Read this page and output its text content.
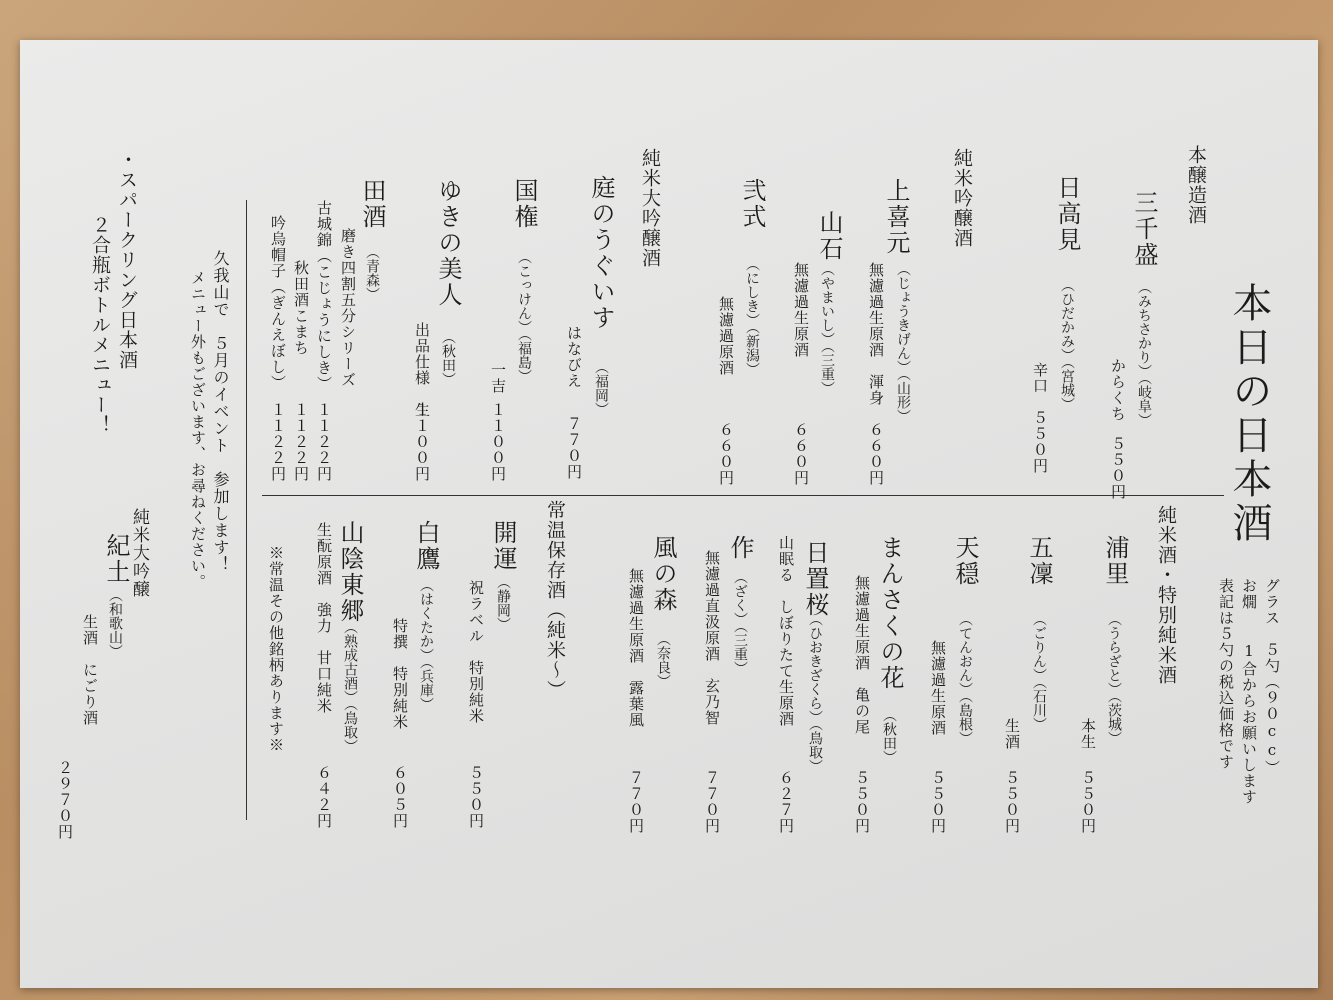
本日の日本酒
グラス　５勺（９０cc）
お燗　　1合からお願いします
表記は５勺の税込価格です
本醸造酒
三千盛
（みちさかり）（岐阜）
からくち
５５０円
純米吟醸酒	日高見
（ひだかみ）（宮城）
辛口
５５０円
上喜元
（じょうきげん）（山形）
無濾過生原酒　渾身
６６０円
山石
（やまいし）（三重）
無濾過生原酒
６６０円
弐式
（にしき）（新潟）
無濾過原酒
６６０円
純米大吟醸酒
庭のうぐいす
（福岡）
はなびえ
７７０円
国権
（こっけん）（福島）
一吉
１１００円
ゆきの美人
（秋田）
出品仕様　生
１１００円
田酒
（青森）
磨き四割五分シリーズ
古城錦（こじょうにしき）
１１２２円
秋田酒こまち
１１２２円
吟烏帽子（ぎんえぼし）
１１２２円
久我山で　５月のイベント　参加します！
メニュー外もございます、お尋ねください。
・スパークリング日本酒
２合瓶ボトルメニュー！
純米大吟醸
紀土
（和歌山）
生酒　にごり酒
２９７０円
純米酒・特別純米酒
浦里
（うらざと）（茨城）
本生
５５０円
五凜
（ごりん）（石川）
生酒
５５０円
天穏
（てんおん）（島根）
無濾過生原酒
５５０円
まんさくの花
（秋田）
無濾過生原酒　亀の尾
５５０円
日置桜
（ひおきざくら）（鳥取）
山眠る　しぼりたて生原酒
６２７円
作
（ざく）（三重）
無濾過直汲原酒　玄乃智
７７０円
風の森
（奈良）
無濾過生原酒　露葉風
７７０円
常温保存酒（純米～）
開運
（静岡）
祝ラベル　特別純米
５５０円
白鷹
（はくたか）（兵庫）
特撰　特別純米
６０５円
山陰東郷
（熟成古酒）（鳥取）
生酛原酒　強力　甘口純米
６４２円
※常温その他銘柄あります※
